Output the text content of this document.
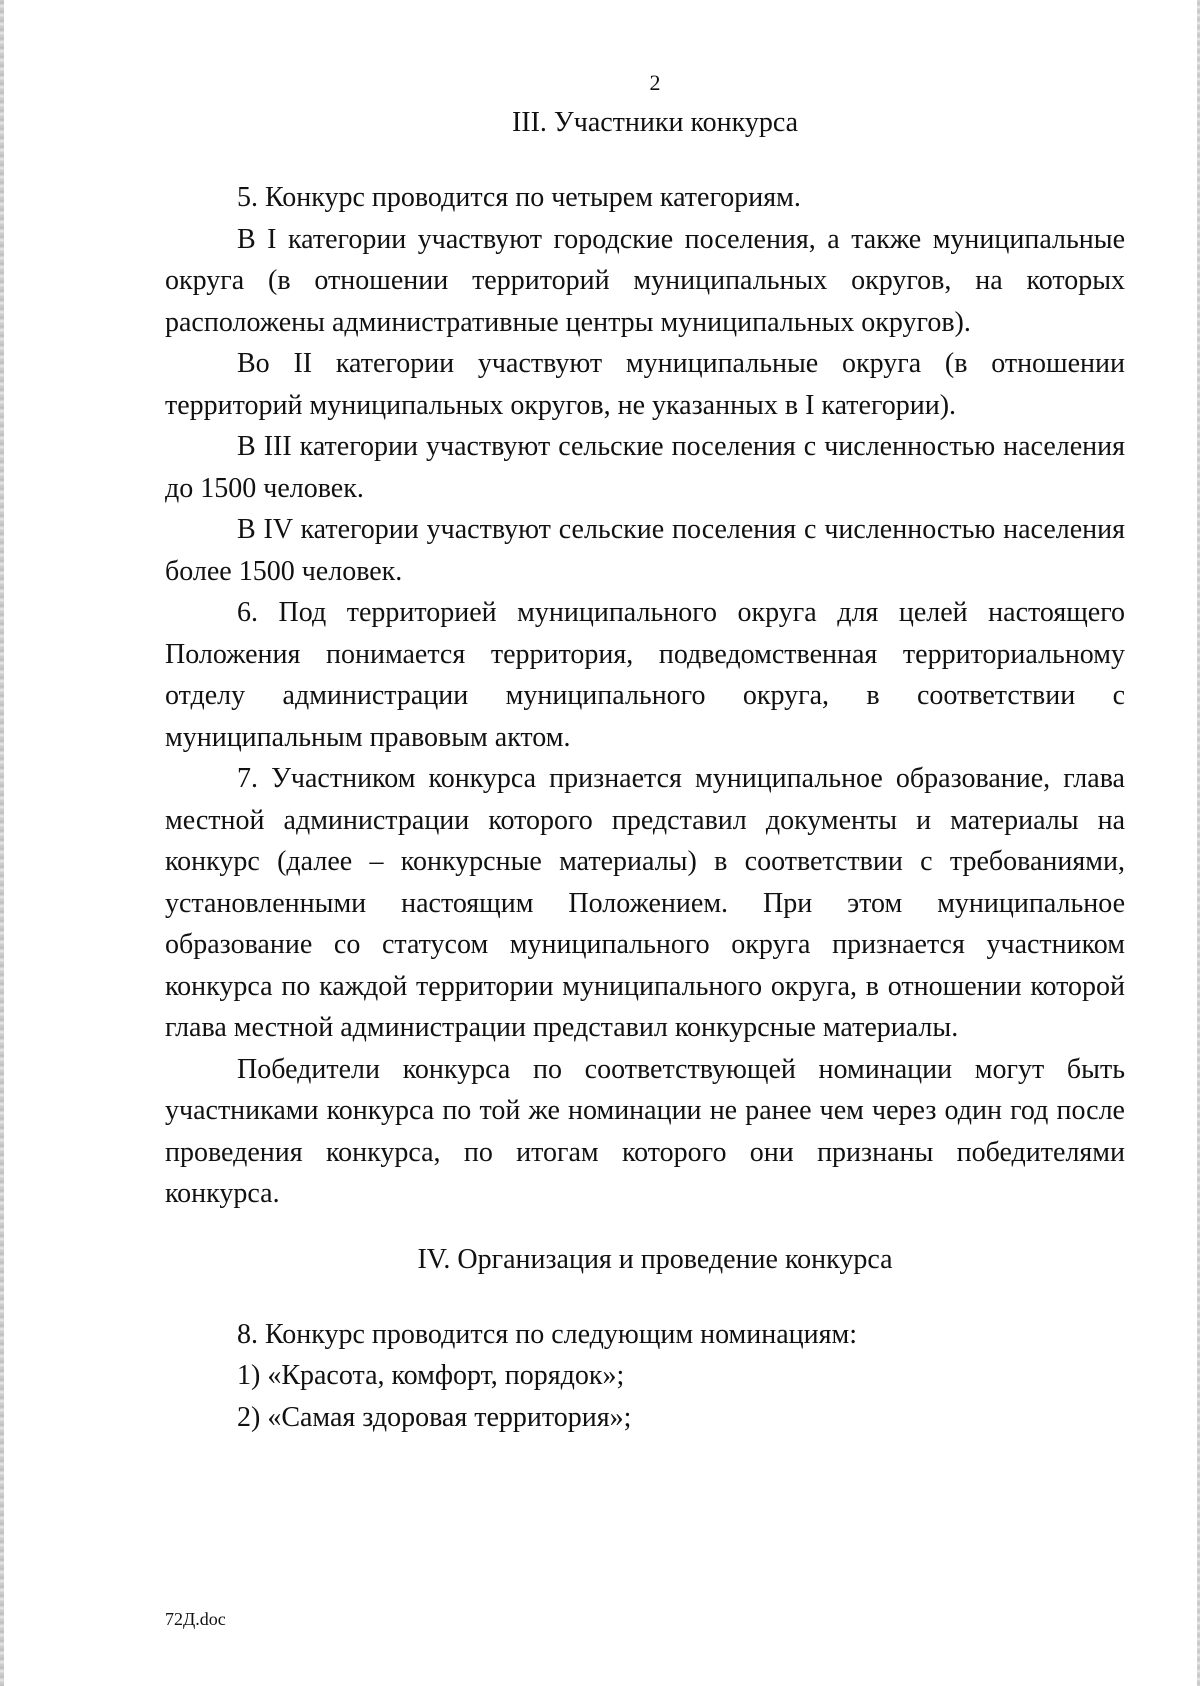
2
III. Участники конкурса

5. Конкурс проводится по четырем категориям.

В I категории участвуют городские поселения, а также муниципальные округа (в отношении территорий муниципальных округов, на которых расположены административные центры муниципальных округов).

Во II категории участвуют муниципальные округа (в отношении территорий муниципальных округов, не указанных в I категории).

В III категории участвуют сельские поселения с численностью населения до 1500 человек.

В IV категории участвуют сельские поселения с численностью населения более 1500 человек.

6. Под территорией муниципального округа для целей настоящего Положения понимается территория, подведомственная территориальному отделу администрации муниципального округа, в соответствии с муниципальным правовым актом.

7. Участником конкурса признается муниципальное образование, глава местной администрации которого представил документы и материалы на конкурс (далее – конкурсные материалы) в соответствии с требованиями, установленными настоящим Положением. При этом муниципальное образование со статусом муниципального округа признается участником конкурса по каждой территории муниципального округа, в отношении которой глава местной администрации представил конкурсные материалы.

Победители конкурса по соответствующей номинации могут быть участниками конкурса по той же номинации не ранее чем через один год после проведения конкурса, по итогам которого они признаны победителями конкурса.

IV. Организация и проведение конкурса

8. Конкурс проводится по следующим номинациям:

1) «Красота, комфорт, порядок»;

2) «Самая здоровая территория»;

72Д.doc
